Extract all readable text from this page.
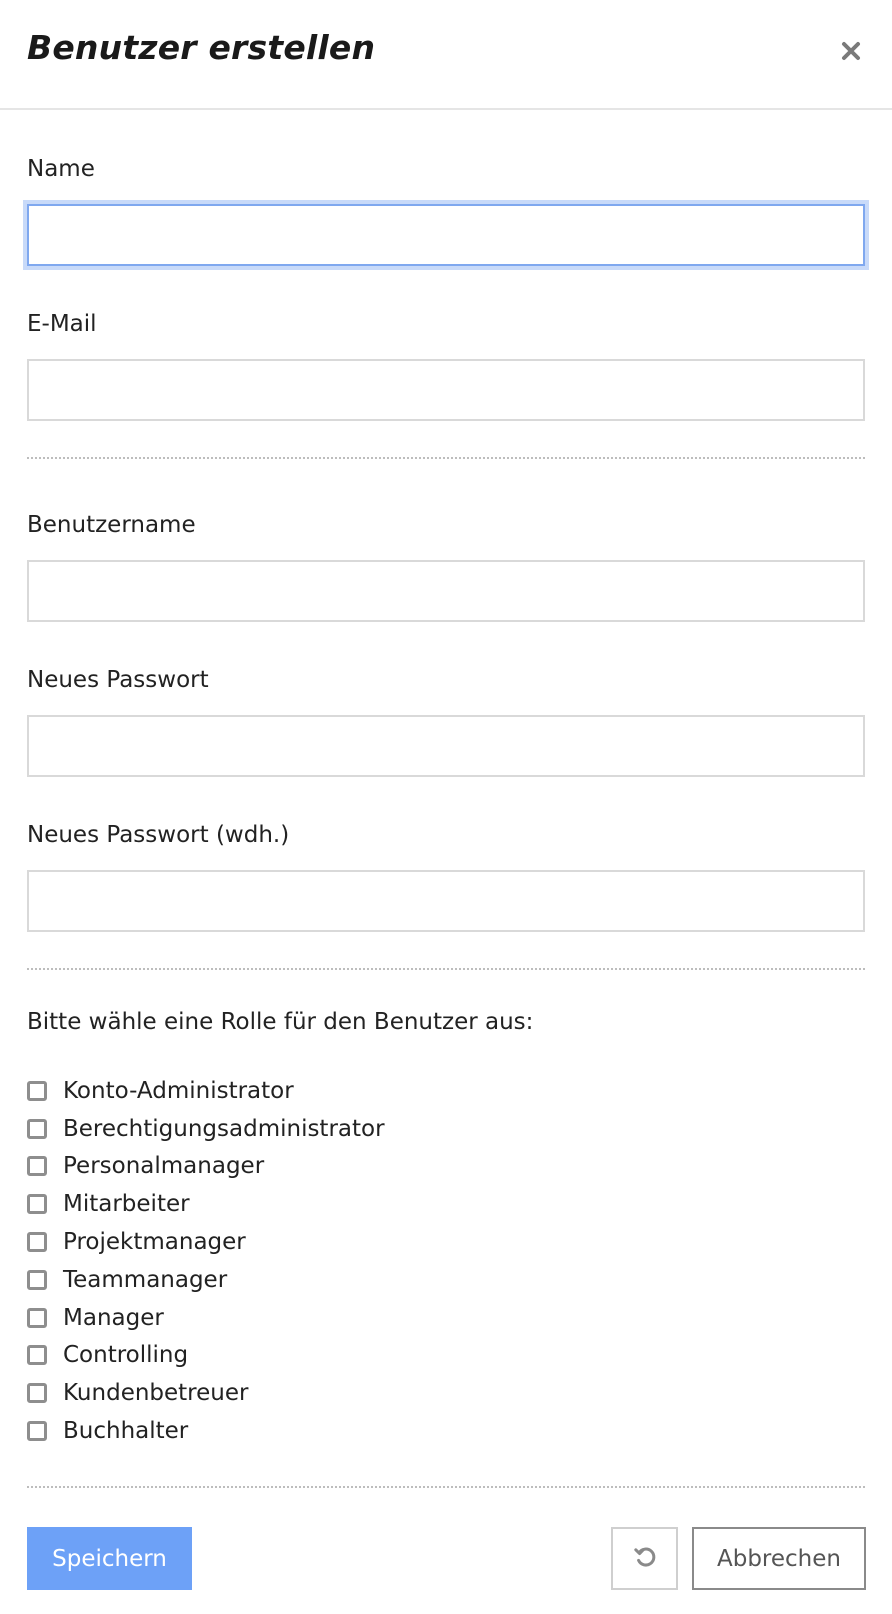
Benutzer erstellen
Name
E-Mail
Benutzername
Neues Passwort
Neues Passwort (wdh.)
Bitte wähle eine Rolle für den Benutzer aus:
Konto-Administrator
Berechtigungsadministrator
Personalmanager
Mitarbeiter
Projektmanager
Teammanager
Manager
Controlling
Kundenbetreuer
Buchhalter
Speichern	Abbrechen
